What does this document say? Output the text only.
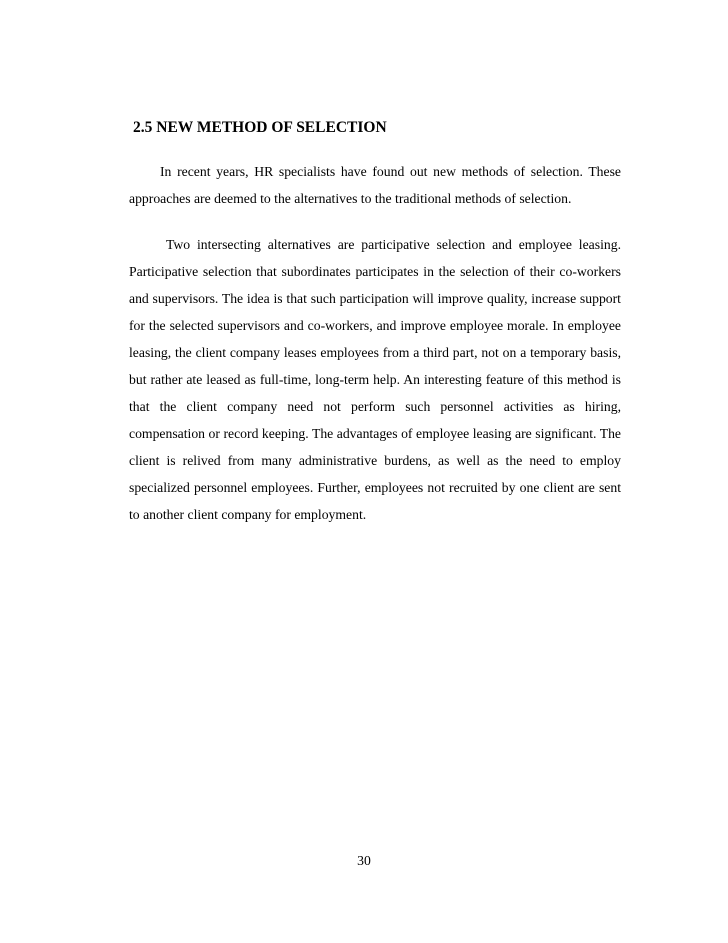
2.5 NEW METHOD OF SELECTION

In recent years, HR specialists have found out new methods of selection. These approaches are deemed to the alternatives to the traditional methods of selection.

Two intersecting alternatives are participative selection and employee leasing. Participative selection that subordinates participates in the selection of their co-workers and supervisors. The idea is that such participation will improve quality, increase support for the selected supervisors and co-workers, and improve employee morale. In employee leasing, the client company leases employees from a third part, not on a temporary basis, but rather ate leased as full-time, long-term help. An interesting feature of this method is that the client company need not perform such personnel activities as hiring, compensation or record keeping. The advantages of employee leasing are significant. The client is relived from many administrative burdens, as well as the need to employ specialized personnel employees. Further, employees not recruited by one client are sent to another client company for employment.

30
